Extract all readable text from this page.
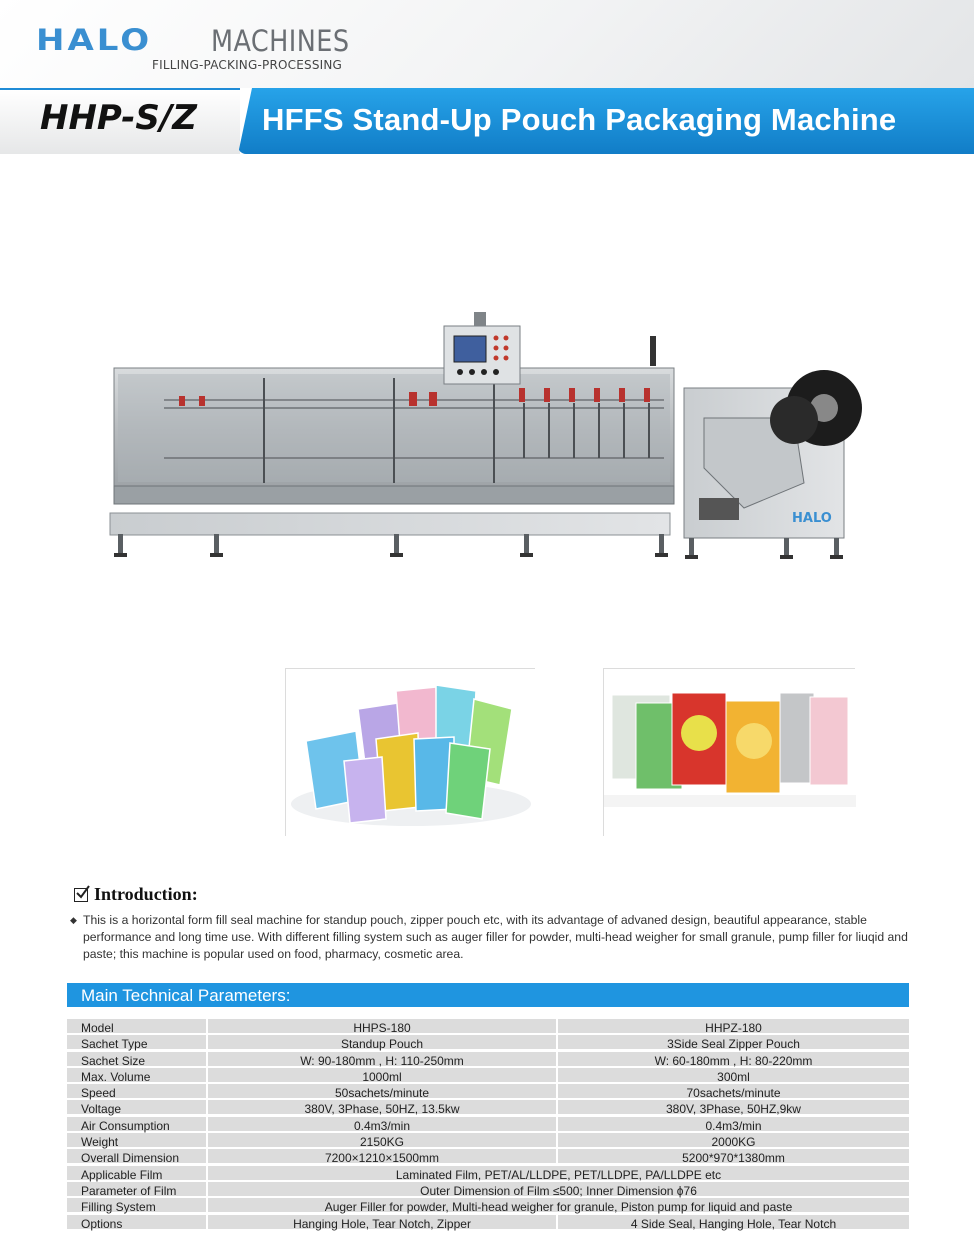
HALO MACHINES
FILLING-PACKING-PROCESSING
HHP-S/Z HFFS Stand-Up Pouch Packaging Machine
HALO
Introduction:
◆ This is a horizontal form fill seal machine for standup pouch, zipper pouch etc, with its advantage of advaned design, beautiful appearance, stable performance and long time use. With different filling system such as auger filler for powder, multi-head weigher for small granule, pump filler for liuqid and paste; this machine is popular used on food, pharmacy, cosmetic area.
Main Technical Parameters:
Model	HHPS-180	HHPZ-180
Sachet Type	Standup Pouch	3Side Seal Zipper Pouch
Sachet Size	W: 90-180mm , H: 110-250mm	W: 60-180mm , H: 80-220mm
Max. Volume	1000ml	300ml
Speed	50sachets/minute	70sachets/minute
Voltage	380V, 3Phase, 50HZ, 13.5kw	380V, 3Phase, 50HZ,9kw
Air Consumption	0.4m3/min	0.4m3/min
Weight	2150KG	2000KG
Overall Dimension	7200×1210×1500mm	5200*970*1380mm
Applicable Film	Laminated Film, PET/AL/LLDPE, PET/LLDPE, PA/LLDPE etc
Parameter of Film	Outer Dimension of Film ≤500; Inner Dimension ϕ76
Filling System	Auger Filler for powder, Multi-head weigher for granule, Piston pump for liquid and paste
Options	Hanging Hole, Tear Notch, Zipper	4 Side Seal, Hanging Hole, Tear Notch
